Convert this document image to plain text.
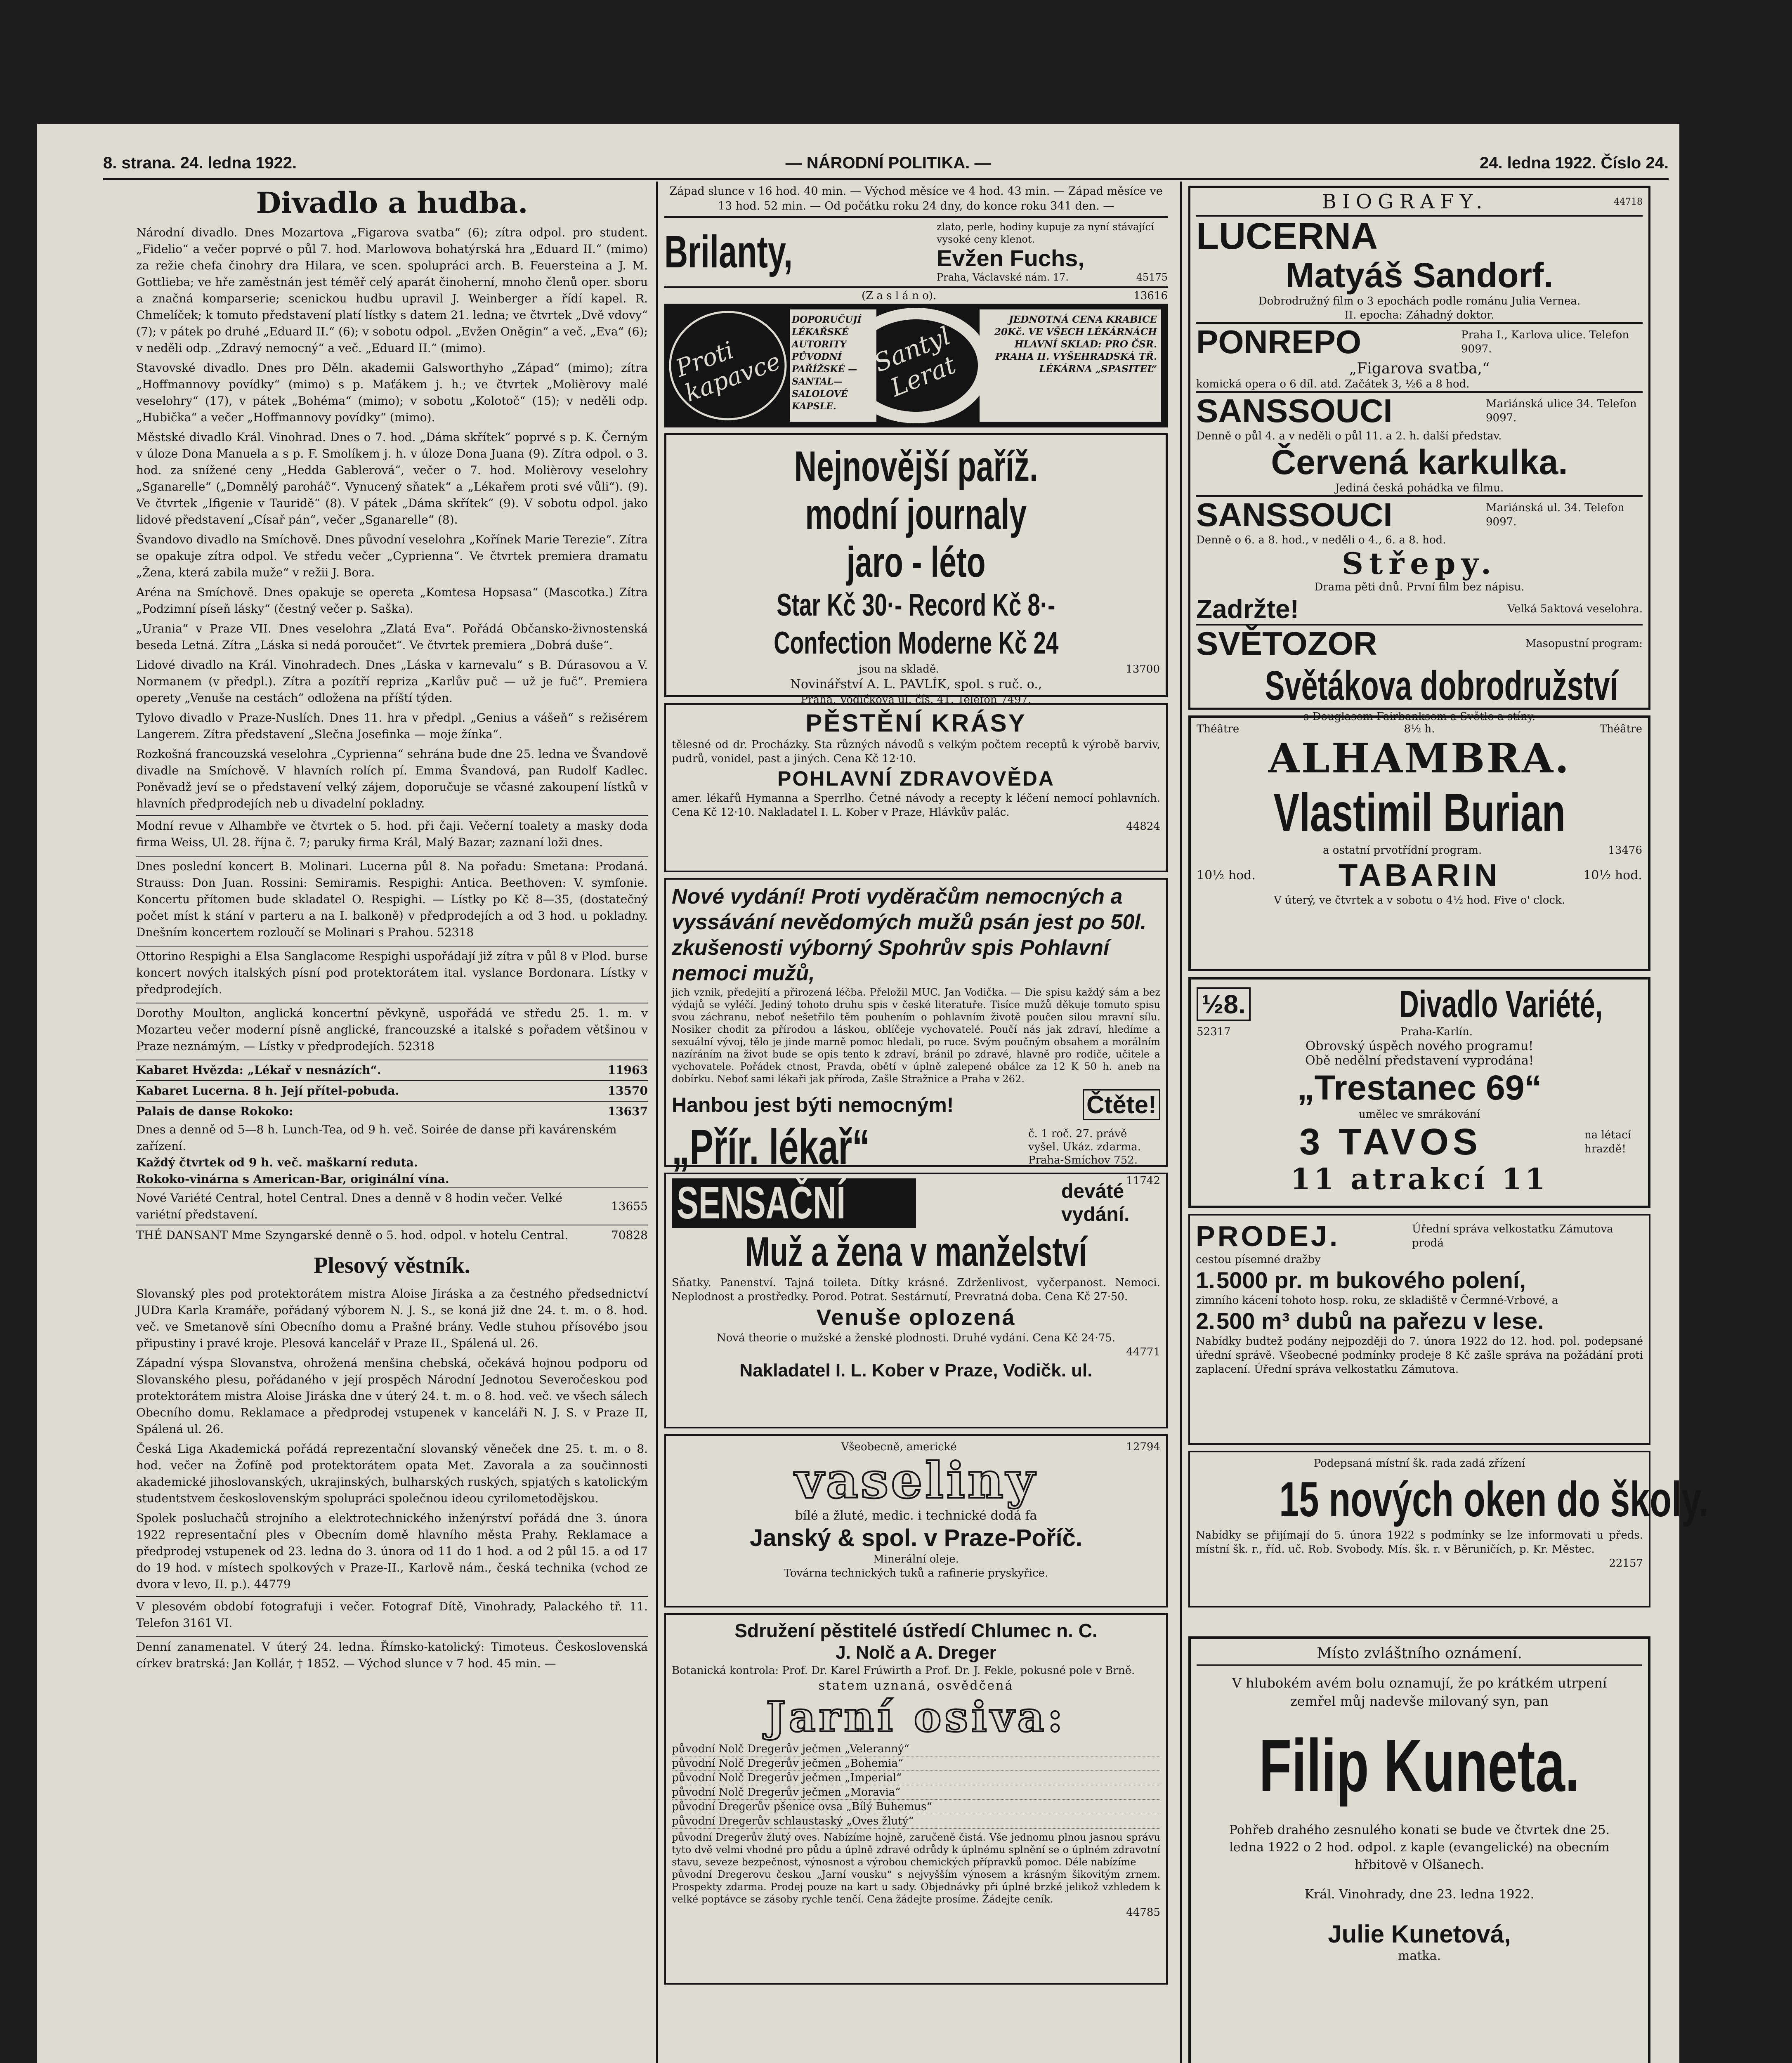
8. strana. 24. ledna 1922.	— NÁRODNÍ POLITIKA. —	24. ledna 1922. Číslo 24.
Divadlo a hudba.

Národní divadlo. Dnes Mozartova „Figarova svatba“ (6); zítra odpol. pro student. „Fidelio“ a večer poprvé o půl 7. hod. Marlowova bohatýrská hra „Eduard II.“ (mimo) za režie chefa činohry dra Hilara, ve scen. spolupráci arch. B. Feuersteina a J. M. Gottlieba; ve hře zaměstnán jest téměř celý aparát činoherní, mnoho členů oper. sboru a značná komparserie; scenickou hudbu upravil J. Weinberger a řídí kapel. R. Chmelíček; k tomuto představení platí lístky s datem 21. ledna; ve čtvrtek „Dvě vdovy“ (7); v pátek po druhé „Eduard II.“ (6); v sobotu odpol. „Evžen Oněgin“ a več. „Eva“ (6); v neděli odp. „Zdravý nemocný“ a več. „Eduard II.“ (mimo).

Stavovské divadlo. Dnes pro Děln. akademii Galsworthyho „Západ“ (mimo); zítra „Hoffmannovy povídky“ (mimo) s p. Maťákem j. h.; ve čtvrtek „Molièrovy malé veselohry“ (17), v pátek „Bohéma“ (mimo); v sobotu „Kolotoč“ (15); v neděli odp. „Hubička“ a večer „Hoffmannovy povídky“ (mimo).

Městské divadlo Král. Vinohrad. Dnes o 7. hod. „Dáma skřítek“ poprvé s p. K. Černým v úloze Dona Manuela a s p. F. Smolíkem j. h. v úloze Dona Juana (9). Zítra odpol. o 3. hod. za snížené ceny „Hedda Gablerová“, večer o 7. hod. Molièrovy veselohry „Sganarelle“ („Domnělý paroháč“. Vynucený sňatek“ a „Lékařem proti své vůli“). (9). Ve čtvrtek „Ifigenie v Tauridě“ (8). V pátek „Dáma skřítek“ (9). V sobotu odpol. jako lidové představení „Císař pán“, večer „Sganarelle“ (8).

Švandovo divadlo na Smíchově. Dnes původní veselohra „Kořínek Marie Terezie“. Zítra se opakuje zítra odpol. Ve středu večer „Cyprienna“. Ve čtvrtek premiera dramatu „Žena, která zabila muže“ v režii J. Bora.

Aréna na Smíchově. Dnes opakuje se opereta „Komtesa Hopsasa“ (Mascotka.) Zítra „Podzimní píseň lásky“ (čestný večer p. Saška).

„Urania“ v Praze VII. Dnes veselohra „Zlatá Eva“. Pořádá Občansko-živnostenská beseda Letná. Zítra „Láska si nedá poroučet“. Ve čtvrtek premiera „Dobrá duše“.

Lidové divadlo na Král. Vinohradech. Dnes „Láska v karnevalu“ s B. Dúrasovou a V. Normanem (v předpl.). Zítra a pozítří repriza „Karlův puč — už je fuč“. Premiera operety „Venuše na cestách“ odložena na příští týden.

Tylovo divadlo v Praze-Nuslích. Dnes 11. hra v předpl. „Genius a vášeň“ s režisérem Langerem. Zítra představení „Slečna Josefinka — moje žínka“.

Rozkošná francouzská veselohra „Cyprienna“ sehrána bude dne 25. ledna ve Švandově divadle na Smíchově. V hlavních rolích pí. Emma Švandová, pan Rudolf Kadlec. Poněvadž jeví se o představení velký zájem, doporučuje se včasné zakoupení lístků v hlavních předprodejích neb u divadelní pokladny.

Modní revue v Alhambře ve čtvrtek o 5. hod. při čaji. Večerní toalety a masky doda firma Weiss, Ul. 28. října č. 7; paruky firma Král, Malý Bazar; zaznaní loži dnes.

Dnes poslední koncert B. Molinari. Lucerna půl 8. Na pořadu: Smetana: Prodaná. Strauss: Don Juan. Rossini: Semiramis. Respighi: Antica. Beethoven: V. symfonie. Koncertu přítomen bude skladatel O. Respighi. — Lístky po Kč 8—35, (dostatečný počet míst k stání v parteru a na I. balkoně) v předprodejích a od 3 hod. u pokladny. Dnešním koncertem rozloučí se Molinari s Prahou. 52318

Ottorino Respighi a Elsa Sanglacome Respighi uspořádají již zítra v půl 8 v Plod. burse koncert nových italských písní pod protektorátem ital. vyslance Bordonara. Lístky v předprodejích.

Dorothy Moulton, anglická koncertní pěvkyně, uspořádá ve středu 25. 1. m. v Mozarteu večer moderní písně anglické, francouzské a italské s pořadem většinou v Praze neznámým. — Lístky v předprodejích. 52318

Kabaret Hvězda: „Lékař v nesnázích“.	11963
Kabaret Lucerna. 8 h. Její přítel-pobuda.	13570
Palais de danse Rokoko:	13637
Dnes a denně od 5—8 h. Lunch-Tea, od 9 h. več. Soirée de danse při kavárenském zařízení.
Každý čtvrtek od 9 h. več. maškarní reduta.
Rokoko-vinárna s American-Bar, originální vína.
Nové Variété Central, hotel Central. Dnes a denně v 8 hodin večer. Velké variétní představení.
13655
THÉ DANSANT Mme Szyngarské denně o 5. hod. odpol. v hotelu Central.	70828
Plesový věstník.

Slovanský ples pod protektorátem mistra Aloise Jiráska a za čestného předsednictví JUDra Karla Kramáře, pořádaný výborem N. J. S., se koná již dne 24. t. m. o 8. hod. več. ve Smetanově síni Obecního domu a Prašné brány. Vedle stuhou přísovébo jsou připustiny i pravé kroje. Plesová kancelář v Praze II., Spálená ul. 26.

Západní výspa Slovanstva, ohrožená menšina chebská, očekává hojnou podporu od Slovanského plesu, pořádaného v její prospěch Národní Jednotou Severočeskou pod protektorátem mistra Aloise Jiráska dne v úterý 24. t. m. o 8. hod. več. ve všech sálech Obecního domu. Reklamace a předprodej vstupenek v kanceláři N. J. S. v Praze II, Spálená ul. 26.

Česká Liga Akademická pořádá reprezentační slovanský věneček dne 25. t. m. o 8. hod. večer na Žofíně pod protektorátem opata Met. Zavorala a za součinnosti akademické jihoslovanských, ukrajinských, bulharských ruských, spjatých s katolickým studentstvem československým spolupráci společnou ideou cyrilometodějskou.

Spolek posluchačů strojního a elektrotechnického inženýrství pořádá dne 3. února 1922 representační ples v Obecním domě hlavního města Prahy. Reklamace a předprodej vstupenek od 23. ledna do 3. února od 11 do 1 hod. a od 2 půl 15. a od 17 do 19 hod. v místech spolkových v Praze-II., Karlově nám., česká technika (vchod ze dvora v levo, II. p.). 44779

V plesovém období fotografuji i večer. Fotograf Dítě, Vinohrady, Palackého tř. 11. Telefon 3161 VI.

Denní zanamenatel. V úterý 24. ledna. Římsko-katolický: Timoteus. Československá církev bratrská: Jan Kollár, † 1852. — Východ slunce v 7 hod. 45 min. —

Západ slunce v 16 hod. 40 min. — Východ měsíce ve 4 hod. 43 min. — Západ měsíce ve 13 hod. 52 min. — Od počátku roku 24 dny, do konce roku 341 den. —
Brilanty,	zlato, perle, hodiny kupuje za nyní stávající vysoké ceny klenot.
Evžen Fuchs,
Praha, Václavské nám. 17.	45175
(Z a s l á n o).	13616
Proti kapavce
DOPORUČUJÍ LÉKAŘSKÉ AUTORITY PŮVODNÍ PAŘÍŽSKÉ —SANTAL— SALOLOVÉ KAPSLE.
Santyl Lerat
JEDNOTNÁ CENA KRABICE 20Kč. VE VŠECH LÉKÁRNÁCH HLAVNÍ SKLAD: PRO ČSR. PRAHA II. VYŠEHRADSKÁ TŘ. LÉKÁRNA „SPASITEL“
Nejnovější paříž.
modní journaly
jaro - léto
Star Kč 30·- Record Kč 8·-
Confection Moderne Kč 24
jsou na skladě.	13700
Novinářství A. L. PAVLÍK, spol. s ruč. o.,
Praha, Vodičkova ul. čís. 41. Telefon 7497.
PĚSTĚNÍ KRÁSY
tělesné od dr. Procházky. Sta různých návodů s velkým počtem receptů k výrobě barviv, pudrů, vonidel, past a jiných. Cena Kč 12·10.
POHLAVNÍ ZDRAVOVĚDA
amer. lékařů Hymanna a Sperrlho. Četné návody a recepty k léčení nemocí pohlavních. Cena Kč 12·10. Nakladatel I. L. Kober v Praze, Hlávkův palác.
44824
Nové vydání! Proti vyděračům nemocných a vyssávání nevědomých mužů psán jest po 50l. zkušenosti výborný Spohrův spis Pohlavní nemoci mužů,
jich vznik, předejití a přirozená léčba. Přeložil MUC. Jan Vodička. — Die spisu každý sám a bez výdajů se vyléčí. Jediný tohoto druhu spis v české literatuře. Tisíce mužů děkuje tomuto spisu svou záchranu, neboť nešetřilo těm pouhením o pohlavním životě poučen silou mravní sílu. Nosiker chodit za přírodou a láskou, oblíčeje vychovatelé. Poučí nás jak zdraví, hledíme a sexuální vývoj, tělo je jinde marně pomoc hledali, po ruce. Svým poučným obsahem a morálním nazíráním na život bude se opis tento k zdraví, bránil po zdravé, hlavně pro rodiče, učitele a vychovatele. Pořádek ctnost, Pravda, obětí v úplně zalepené obálce za 12 K 50 h. aneb na dobírku. Neboť sami lékaři jak příroda, Zašle Stražnice a Praha v 262.
Hanbou jest býti nemocným!	Čtěte!
„Přír. lékař“	č. 1 roč. 27. právě vyšel. Ukáz. zdarma. Praha-Smíchov 752.
11742
SENSAČNÍ	deváté vydání.
Muž a žena v manželství
Sňatky. Panenství. Tajná toileta. Dítky krásné. Zdrženlivost, vyčerpanost. Nemoci. Neplodnost a prostředky. Porod. Potrat. Sestárnutí, Prevratná doba. Cena Kč 27·50.
Venuše oplozená
Nová theorie o mužské a ženské plodnosti. Druhé vydání. Cena Kč 24·75.
44771
Nakladatel I. L. Kober v Praze, Vodičk. ul.
Všeobecně, americké	12794
vaseliny
bílé a žluté, medic. i technické dodá fa
Janský & spol. v Praze-Poříč.
Minerální oleje.
Továrna technických tuků a rafinerie pryskyřice.
Sdružení pěstitelé ústředí Chlumec n. C.
J. Nolč a A. Dreger
Botanická kontrola: Prof. Dr. Karel Frúwirth a Prof. Dr. J. Fekle, pokusné pole v Brně.
statem uznaná, osvědčená
Jarní osiva:
původní Nolč Dregerův ječmen „Veleranný“
původní Nolč Dregerův ječmen „Bohemia“
původní Nolč Dregerův ječmen „Imperial“
původní Nolč Dregerův ječmen „Moravia“
původní Dregerův pšenice ovsa „Bílý Buhemus“
původní Dregerův schlaustaský „Oves žlutý“
původní Dregerův žlutý oves. Nabízíme hojně, zaručeně čistá. Vše jednomu plnou jasnou správu tyto dvě velmi vhodné pro půdu a úplně zdravé odrůdy k úplnému splnění se o úplném zdravotní stavu, seveze bezpečnost, výnosnost a výrobou chemických přípravků pomoc. Déle nabízíme
původní Dregerovu českou „Jarní vousku“ s nejvyšším výnosem a krásným šikovitým zrnem. Prospekty zdarma. Prodej pouze na kart u sady. Objednávky při úplné brzké jelikož vzhledem k velké poptávce se zásoby rychle tenčí. Cena žádejte prosíme. Žádejte ceník.
44785
BIOGRAFY.	44718
LUCERNA
Matyáš Sandorf.
Dobrodružný film o 3 epochách podle románu Julia Vernea.
II. epocha: Záhadný doktor.
PONREPO	Praha I., Karlova ulice. Telefon 9097.
„Figarova svatba,“
komická opera o 6 díl. atd. Začátek 3, ½6 a 8 hod.
SANSSOUCI	Mariánská ulice 34. Telefon 9097.
Denně o půl 4. a v neděli o půl 11. a 2. h. další představ.
Červená karkulka.
Jediná česká pohádka ve filmu.
SANSSOUCI	Mariánská ul. 34. Telefon 9097.
Denně o 6. a 8. hod., v neděli o 4., 6. a 8. hod.
Střepy.
Drama pěti dnů. První film bez nápisu.
Zadržte!	Velká 5aktová veselohra.
SVĚTOZOR	Masopustní program:
Světákova dobrodružství
s Douglasem Fairbanksem a Světlo a stíny.
Théâtre	8½ h.	Théâtre
ALHAMBRA.
Vlastimil Burian
a ostatní prvotřídní program.	13476
10½ hod.	TABARIN	10½ hod.
V úterý, ve čtvrtek a v sobotu o 4½ hod. Five o' clock.
½8.	Divadlo Variété,
52317	Praha-Karlín.
Obrovský úspěch nového programu!
Obě nedělní představení vyprodána!
„Trestanec 69“
umělec ve smrákování
3 TAVOS	na létací hrazdě!
11 atrakcí 11
PRODEJ.	Úřední správa velkostatku Zámutova prodá
cestou písemné dražby
1. 5000 pr. m bukového polení,
zimního kácení tohoto hosp. roku, ze skladiště v Čermné-Vrbové, a
2. 500 m³ dubů na pařezu v lese.
Nabídky budtež podány nejpozději do 7. února 1922 do 12. hod. pol. podepsané úřední správě. Všeobecné podmínky prodeje 8 Kč zašle správa na požádání proti zaplacení. Úřední správa velkostatku Zámutova.
Podepsaná místní šk. rada zadá zřízení
15 nových oken do školy.
Nabídky se přijímají do 5. února 1922 s podmínky se lze informovati u předs. místní šk. r., říd. uč. Rob. Svobody. Mís. šk. r. v Běruničích, p. Kr. Městec.
22157
Místo zvláštního oznámení.
V hlubokém avém bolu oznamují, že po krátkém utrpení zemřel můj nadevše milovaný syn, pan
Filip Kuneta.
Pohřeb drahého zesnulého konati se bude ve čtvrtek dne 25. ledna 1922 o 2 hod. odpol. z kaple (evangelické) na obecním hřbitově v Olšanech.
Král. Vinohrady, dne 23. ledna 1922.
Julie Kunetová,
matka.
